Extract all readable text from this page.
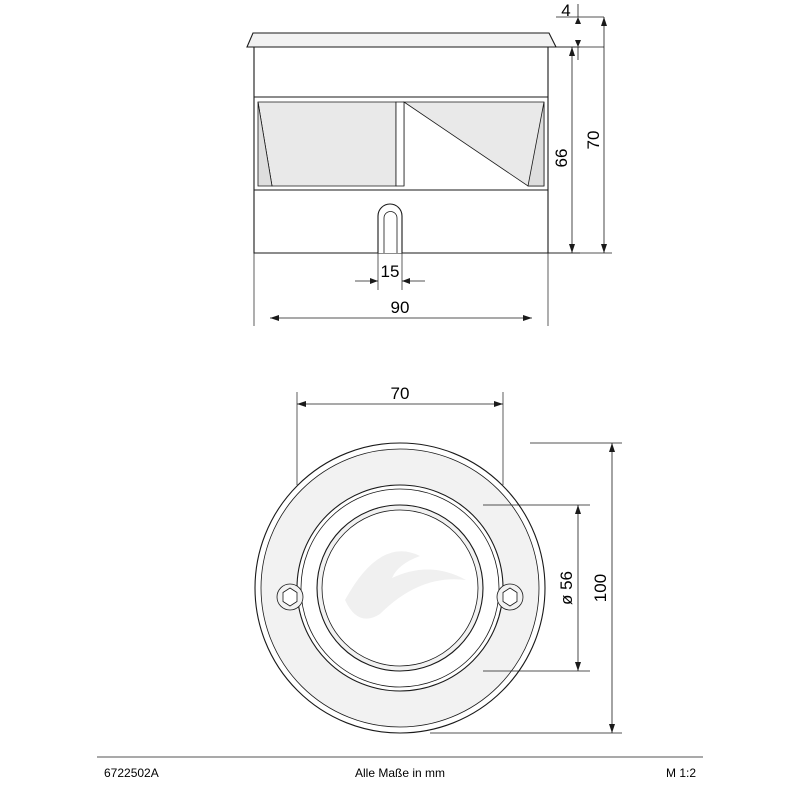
4
66
70
15
90
70
ø 56 100
6722502A	Alle Maße in mm	M 1:2
